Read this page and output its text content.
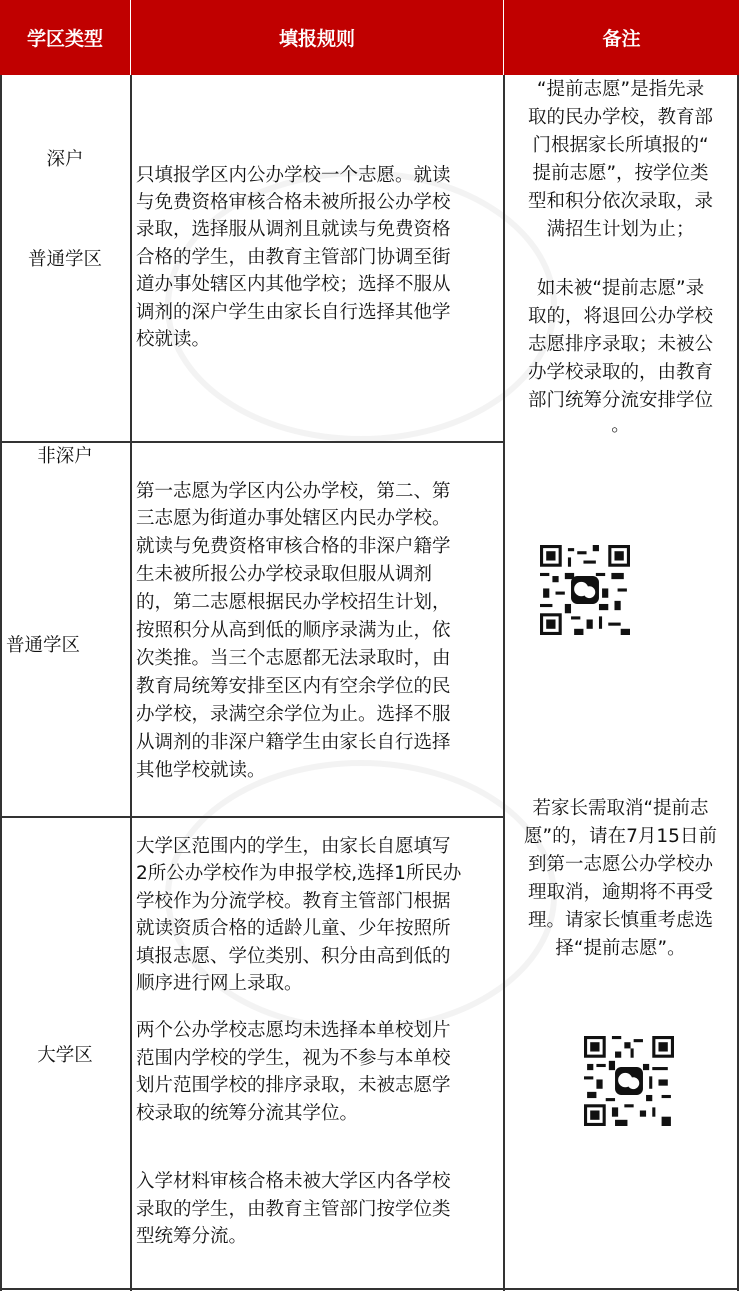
学区类型	填报规则	备注
深户
普通学区
只填报学区内公办学校一个志愿。就读
与免费资格审核合格未被所报公办学校
录取，选择服从调剂且就读与免费资格
合格的学生，由教育主管部门协调至街
道办事处辖区内其他学校；选择不服从
调剂的深户学生由家长自行选择其他学
校就读。
非深户
普通学区
第一志愿为学区内公办学校，第二、第
三志愿为街道办事处辖区内民办学校。
就读与免费资格审核合格的非深户籍学
生未被所报公办学校录取但服从调剂
的，第二志愿根据民办学校招生计划，
按照积分从高到低的顺序录满为止，依
次类推。当三个志愿都无法录取时，由
教育局统筹安排至区内有空余学位的民
办学校，录满空余学位为止。选择不服
从调剂的非深户籍学生由家长自行选择
其他学校就读。
大学区
大学区范围内的学生，由家长自愿填写
2所公办学校作为申报学校,选择1所民办
学校作为分流学校。教育主管部门根据
就读资质合格的适龄儿童、少年按照所
填报志愿、学位类别、积分由高到低的
顺序进行网上录取。
两个公办学校志愿均未选择本单校划片
范围内学校的学生，视为不参与本单校
划片范围学校的排序录取，未被志愿学
校录取的统筹分流其学位。
入学材料审核合格未被大学区内各学校
录取的学生，由教育主管部门按学位类
型统筹分流。
“提前志愿”是指先录
取的民办学校，教育部
门根据家长所填报的“
提前志愿”，按学位类
型和积分依次录取，录
满招生计划为止；
如未被“提前志愿”录
取的，将退回公办学校
志愿排序录取；未被公
办学校录取的，由教育
部门统筹分流安排学位
。
若家长需取消“提前志
愿”的，请在7月15日前
到第一志愿公办学校办
理取消，逾期将不再受
理。请家长慎重考虑选
择“提前志愿”。
